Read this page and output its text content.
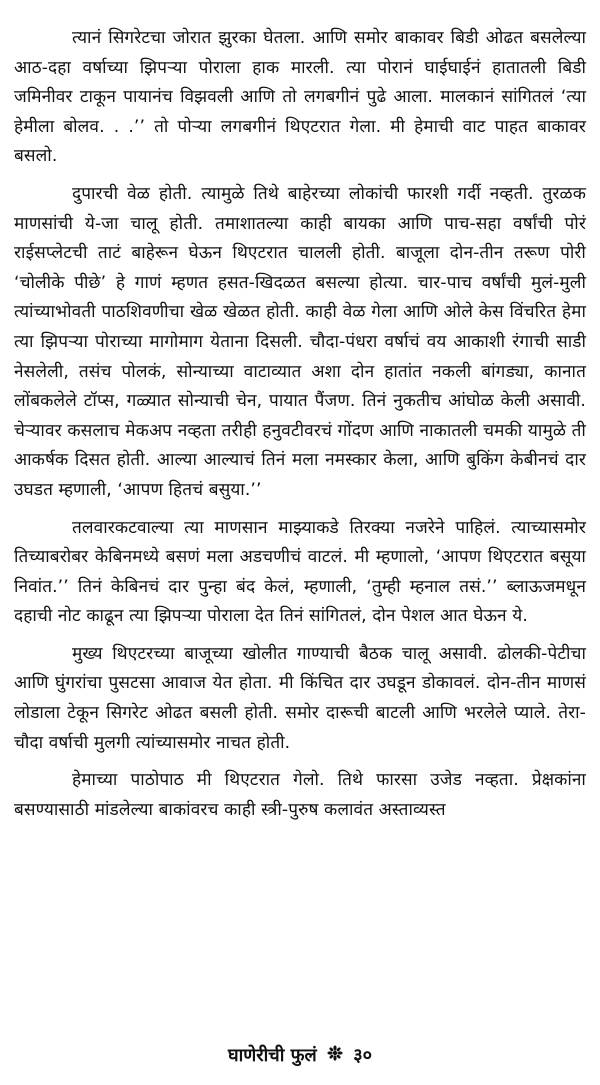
त्यानं सिगरेटचा जोरात झुरका घेतला. आणि समोर बाकावर बिडी ओढत बसलेल्या आठ-दहा वर्षाच्या झिपऱ्या पोराला हाक मारली. त्या पोरानं घाईघाईनं हातातली बिडी जमिनीवर टाकून पायानंच विझवली आणि तो लगबगीनं पुढे आला. मालकानं सांगितलं ‘त्या हेमीला बोलव. . .’’ तो पोऱ्या लगबगीनं थिएटरात गेला. मी हेमाची वाट पाहत बाकावर बसलो.

दुपारची वेळ होती. त्यामुळे तिथे बाहेरच्या लोकांची फारशी गर्दी नव्हती. तुरळक माणसांची ये-जा चालू होती. तमाशातल्या काही बायका आणि पाच-सहा वर्षांची पोरं राईसप्लेटची ताटं बाहेरून घेऊन थिएटरात चालली होती. बाजूला दोन-तीन तरूण पोरी ‘चोलीके पीछे’ हे गाणं म्हणत हसत-खिदळत बसल्या होत्या. चार-पाच वर्षांची मुलं-मुली त्यांच्याभोवती पाठशिवणीचा खेळ खेळत होती. काही वेळ गेला आणि ओले केस विंचरित हेमा त्या झिपऱ्या पोराच्या मागोमाग येताना दिसली. चौदा-पंधरा वर्षाचं वय आकाशी रंगाची साडी नेसलेली, तसंच पोलकं, सोन्याच्या वाटाव्यात अशा दोन हातांत नकली बांगड्या, कानात लोंबकलेले टॉप्स, गळ्यात सोन्याची चेन, पायात पैंजण. तिनं नुकतीच आंघोळ केली असावी. चेऱ्यावर कसलाच मेकअप नव्हता तरीही हनुवटीवरचं गोंदण आणि नाकातली चमकी यामुळे ती आकर्षक दिसत होती. आल्या आल्याचं तिनं मला नमस्कार केला, आणि बुकिंग केबीनचं दार उघडत म्हणाली, ‘आपण हितचं बसुया.’’

तलवारकटवाल्या त्या माणसान माझ्याकडे तिरक्या नजरेने पाहिलं. त्याच्यासमोर तिच्याबरोबर केबिनमध्ये बसणं मला अडचणीचं वाटलं. मी म्हणालो, ‘आपण थिएटरात बसूया निवांत.’’ तिनं केबिनचं दार पुन्हा बंद केलं, म्हणाली, ‘तुम्ही म्हनाल तसं.’’ ब्लाऊजमधून दहाची नोट काढून त्या झिपऱ्या पोराला देत तिनं सांगितलं, दोन पेशल आत घेऊन ये.

मुख्य थिएटरच्या बाजूच्या खोलीत गाण्याची बैठक चालू असावी. ढोलकी-पेटीचा आणि घुंगरांचा पुसटसा आवाज येत होता. मी किंचित दार उघडून डोकावलं. दोन-तीन माणसं लोडाला टेकून सिगरेट ओढत बसली होती. समोर दारूची बाटली आणि भरलेले प्याले. तेरा-चौदा वर्षाची मुलगी त्यांच्यासमोर नाचत होती.

हेमाच्या पाठोपाठ मी थिएटरात गेलो. तिथे फारसा उजेड नव्हता. प्रेक्षकांना बसण्यासाठी मांडलेल्या बाकांवरच काही स्त्री-पुरुष कलावंत अस्ताव्यस्त

घाणेरीची फुलं ३०
